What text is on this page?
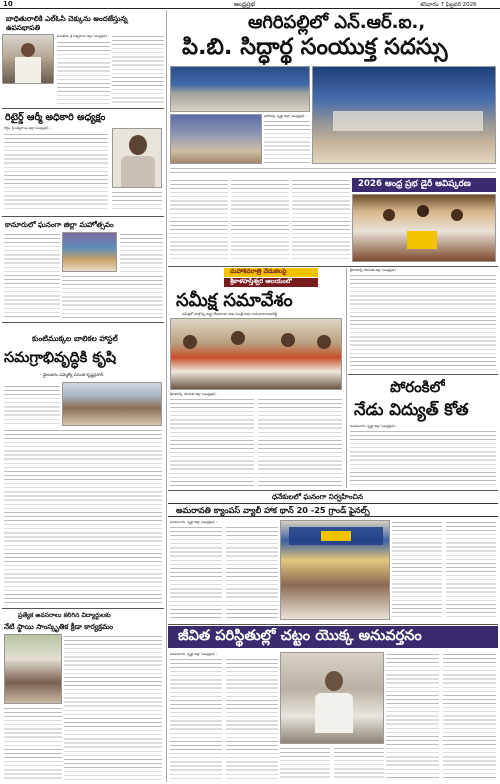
10	ఆంధ్రప్రభ	శనివారం 7 ఫిబ్రవరి 2026
బాధితురాలికి ఎల్ఓసి చెక్కును అందజేస్తున్న ఉపసభాపతి
పెనుకొండ, శ్రీ సత్యసాయి జిల్లా (ఆంధ్రప్రభ) :
రిటైర్డ్ ఆర్మీ అధికారి అధ్యక్షం
రొద్దం, శ్రీ సత్యసాయి జిల్లా (ఆంధ్రప్రభ) :
కానూరులో ఘనంగా జిల్లా మహోత్సవం
కుంటిముక్కల బాలికల హాస్టల్
సమగ్రాభివృద్ధికి కృషి
- మైలవరం ఎమ్మెల్యే వసంత కృష్ణప్రసాద్
ప్రత్యేక అవసరాలు కలిగిన విద్యార్థులకు
నేటి స్థాయి సాంస్కృతిక క్రీడా కార్యక్రమం
ఆగిరిపల్లిలో ఎన్.ఆర్.ఐ.,
పి.బి. సిద్ధార్థ సంయుక్త సదస్సు
ఆగిరిపల్లి, కృష్ణా జిల్లా (ఆంధ్రప్రభ) :
2026 ఆంధ్ర ప్రభ డైరీ ఆవిష్కరణ
మహాశివరాత్రి వేడుకలపై
శ్రీకాళహస్తీశ్వర ఆలయంలో
సమీక్ష సమావేశం
సమీక్షలో పాల్గొన్న రాష్ట్ర దేవాదాయ శాఖ మంత్రి ఆనం రామనారాయణరెడ్డి
శ్రీకాళహస్తి, తిరుపతి జిల్లా (ఆంధ్రప్రభ) :
శ్రీకాళహస్తి, తిరుపతి జిల్లా (ఆంధ్రప్రభ) :
పోరంకిలో
నేడు విద్యుత్ కోత
పెనమలూరు, కృష్ణా జిల్లా (ఆంధ్రప్రభ) :
ధనేకులలో ఘనంగా నిర్వహించిన
అమరావతి క్యాంపస్ వ్యాలీ హాక థాన్ 20 -25 గ్రాండ్ ఫైనల్స్
పెనమలూరు, కృష్ణా జిల్లా (ఆంధ్రప్రభ) :
జీవిత పరిస్థితుల్లో చట్టం యొక్క అనువర్తనం
పెనమలూరు, కృష్ణా జిల్లా (ఆంధ్రప్రభ) :
